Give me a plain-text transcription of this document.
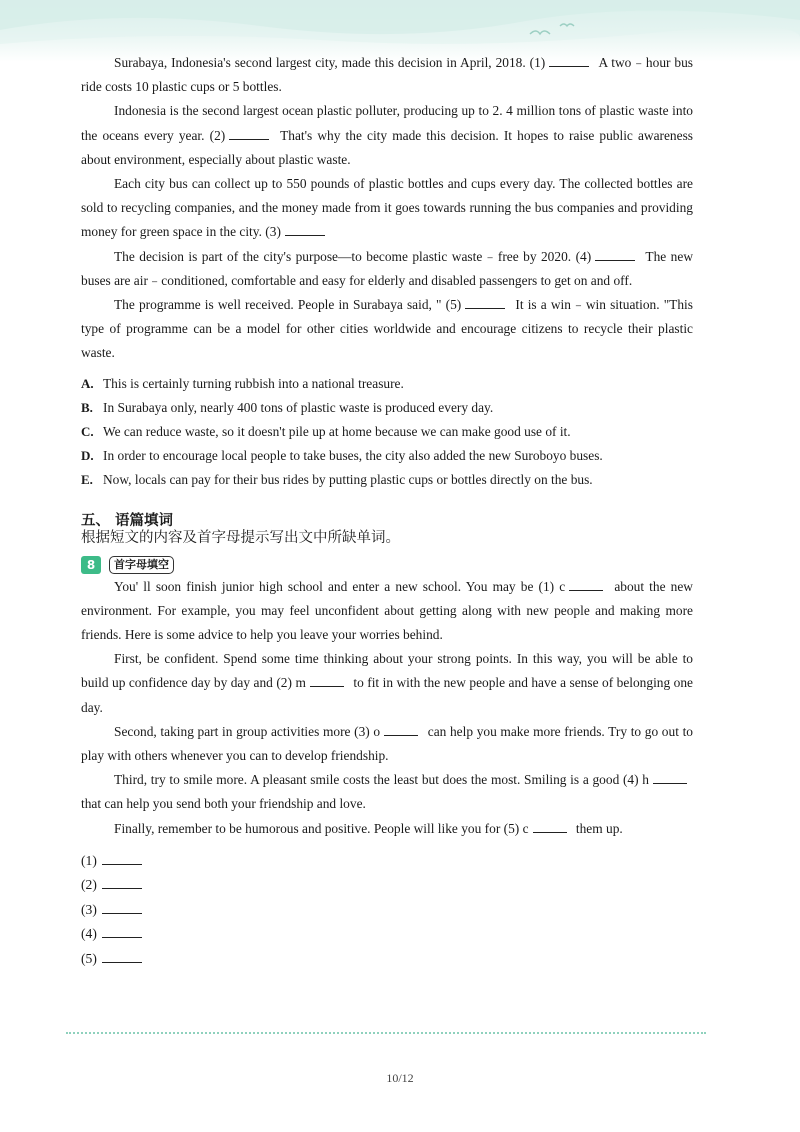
Surabaya, Indonesia's second largest city, made this decision in April, 2018. (1)	A two﹣hour bus ride costs 10 plastic cups or 5 bottles.

Indonesia is the second largest ocean plastic polluter, producing up to 2. 4 million tons of plastic waste into the oceans every year. (2)	That's why the city made this decision. It hopes to raise public awareness about environment, especially about plastic waste.

Each city bus can collect up to 550 pounds of plastic bottles and cups every day. The collected bottles are sold to recycling companies, and the money made from it goes towards running the bus companies and providing money for green space in the city. (3)

The decision is part of the city's purpose—to become plastic waste﹣free by 2020. (4)	The new buses are air﹣conditioned, comfortable and easy for elderly and disabled passengers to get on and off.

The programme is well received. People in Surabaya said, " (5)	It is a win﹣win situation. "This type of programme can be a model for other cities worldwide and encourage citizens to recycle their plastic waste.

A. This is certainly turning rubbish into a national treasure.
B. In Surabaya only, nearly 400 tons of plastic waste is produced every day.
C. We can reduce waste, so it doesn't pile up at home because we can make good use of it.
D. In order to encourage local people to take buses, the city also added the new Suroboyo buses.
E. Now, locals can pay for their bus rides by putting plastic cups or bottles directly on the bus.
五、 语篇填词
根据短文的内容及首字母提示写出文中所缺单词。
8	首字母填空

You' ll soon finish junior high school and enter a new school. You may be (1) c	about the new environment. For example, you may feel unconfident about getting along with new people and making more friends. Here is some advice to help you leave your worries behind.

First, be confident. Spend some time thinking about your strong points. In this way, you will be able to build up confidence day by day and (2) m	to fit in with the new people and have a sense of belonging one day.

Second, taking part in group activities more (3) o	can help you make more friends. Try to go out to play with others whenever you can to develop friendship.

Third, try to smile more. A pleasant smile costs the least but does the most. Smiling is a good (4) h that can help you send both your friendship and love.

Finally, remember to be humorous and positive. People will like you for (5) c	them up.

(1)
(2)
(3)
(4)
(5)
10/12
